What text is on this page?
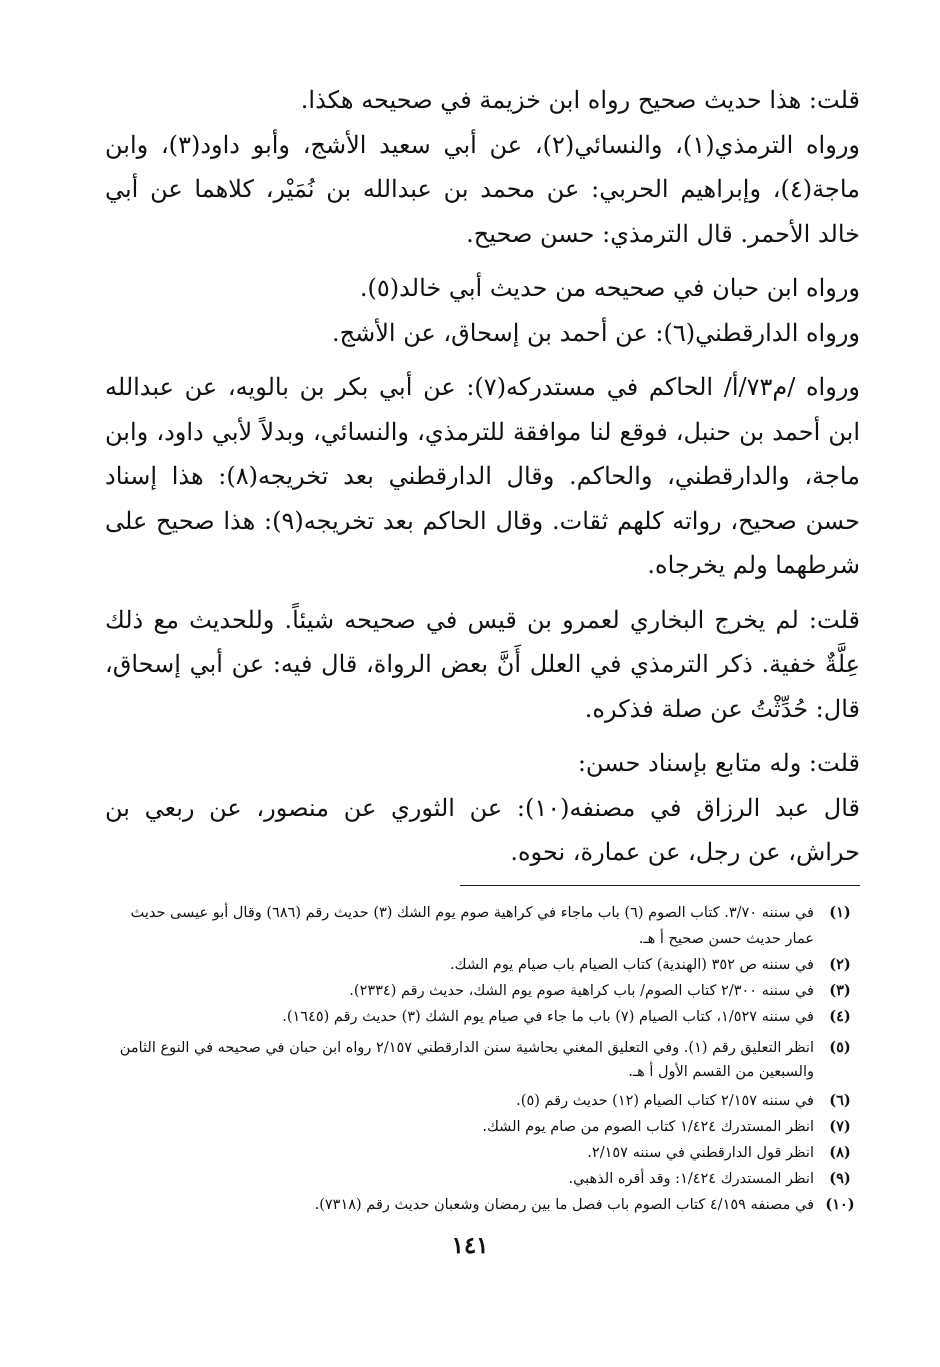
قلت: هذا حديث صحيح رواه ابن خزيمة في صحيحه هكذا.

ورواه الترمذي(١)، والنسائي(٢)، عن أبي سعيد الأشج، وأبو داود(٣)، وابن ماجة(٤)، وإبراهيم الحربي: عن محمد بن عبدالله بن نُمَيْر، كلاهما عن أبي خالد الأحمر. قال الترمذي: حسن صحيح.

ورواه ابن حبان في صحيحه من حديث أبي خالد(٥).

ورواه الدارقطني(٦): عن أحمد بن إسحاق، عن الأشج.

ورواه /م٧٣/أ/ الحاكم في مستدركه(٧): عن أبي بكر بن بالويه، عن عبدالله ابن أحمد بن حنبل، فوقع لنا موافقة للترمذي، والنسائي، وبدلاً لأبي داود، وابن ماجة، والدارقطني، والحاكم. وقال الدارقطني بعد تخريجه(٨): هذا إسناد حسن صحيح، رواته كلهم ثقات. وقال الحاكم بعد تخريجه(٩): هذا صحيح على شرطهما ولم يخرجاه.

قلت: لم يخرج البخاري لعمرو بن قيس في صحيحه شيئاً. وللحديث مع ذلك عِلَّةٌ خفية. ذكر الترمذي في العلل أَنَّ بعض الرواة، قال فيه: عن أبي إسحاق، قال: حُدِّثْتُ عن صلة فذكره.

قلت: وله متابع بإسناد حسن:

قال عبد الرزاق في مصنفه(١٠): عن الثوري عن منصور، عن ربعي بن حراش، عن رجل، عن عمارة، نحوه.

(١)
في سننه ٣/٧٠. كتاب الصوم (٦) باب ماجاء في كراهية صوم يوم الشك (٣) حديث رقم (٦٨٦) وقال أبو عيسى حديث عمار حديث حسن صحيح أ هـ.
(٢)
في سننه ص ٣٥٢ (الهندية) كتاب الصيام باب صيام يوم الشك.
(٣)
في سننه ٢/٣٠٠ كتاب الصوم/ باب كراهية صوم يوم الشك، حديث رقم (٢٣٣٤).
(٤)
في سننه ١/٥٢٧، كتاب الصيام (٧) باب ما جاء في صيام يوم الشك (٣) حديث رقم (١٦٤٥).
(٥)
انظر التعليق رقم (١). وفي التعليق المغني بحاشية سنن الدارقطني ٢/١٥٧ رواه ابن حبان في صحيحه في النوع الثامن والسبعين من القسم الأول أ هـ.
(٦)
في سننه ٢/١٥٧ كتاب الصيام (١٢) حديث رقم (٥).
(٧)
انظر المستدرك ١/٤٢٤ كتاب الصوم من صام يوم الشك.
(٨)
انظر قول الدارقطني في سننه ٢/١٥٧.
(٩)
انظر المستدرك ١/٤٢٤: وقد أقره الذهبي.
(١٠)
في مصنفه ٤/١٥٩ كتاب الصوم باب فصل ما بين رمضان وشعبان حديث رقم (٧٣١٨).
١٤١
